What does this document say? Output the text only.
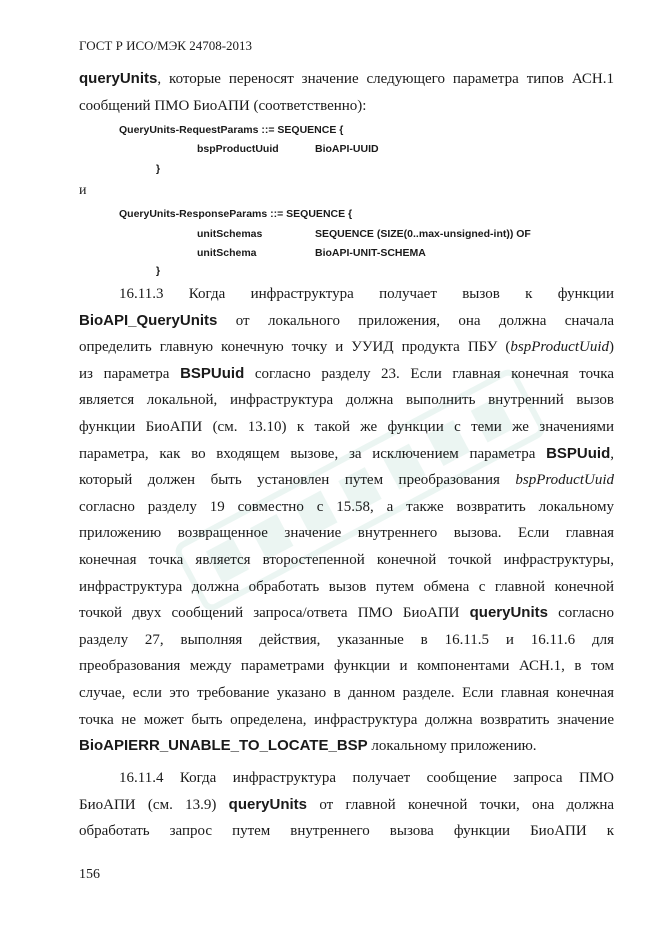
ГОСТ Р ИСО/МЭК 24708-2013
queryUnits, которые переносят значение следующего параметра типов АСН.1
сообщений ПМО БиоАПИ (соответственно):
QueryUnits-RequestParams ::= SEQUENCE {
bspProductUuid	BioAPI-UUID
}
и
QueryUnits-ResponseParams ::= SEQUENCE {
unitSchemas	SEQUENCE (SIZE(0..max-unsigned-int)) OF
unitSchema	BioAPI-UNIT-SCHEMA
}
16.11.3 Когда инфраструктура получает вызов к функции
BioAPI_QueryUnits от локального приложения, она должна сначала
определить главную конечную точку и УУИД продукта ПБУ (bspProductUuid)
из параметра BSPUuid согласно разделу 23. Если главная конечная точка
является локальной, инфраструктура должна выполнить внутренний вызов
функции БиоАПИ (см. 13.10) к такой же функции с теми же значениями
параметра, как во входящем вызове, за исключением параметра BSPUuid,
который должен быть установлен путем преобразования bspProductUuid
согласно разделу 19 совместно с 15.58, а также возвратить локальному
приложению возвращенное значение внутреннего вызова. Если главная
конечная точка является второстепенной конечной точкой инфраструктуры,
инфраструктура должна обработать вызов путем обмена с главной конечной
точкой двух сообщений запроса/ответа ПМО БиоАПИ queryUnits согласно
разделу 27, выполняя действия, указанные в 16.11.5 и 16.11.6 для
преобразования между параметрами функции и компонентами АСН.1, в том
случае, если это требование указано в данном разделе. Если главная конечная
точка не может быть определена, инфраструктура должна возвратить значение
BioAPIERR_UNABLE_TO_LOCATE_BSP локальному приложению.
16.11.4 Когда инфраструктура получает сообщение запроса ПМО
БиоАПИ (см. 13.9) queryUnits от главной конечной точки, она должна
обработать запрос путем внутреннего вызова функции БиоАПИ к
156
